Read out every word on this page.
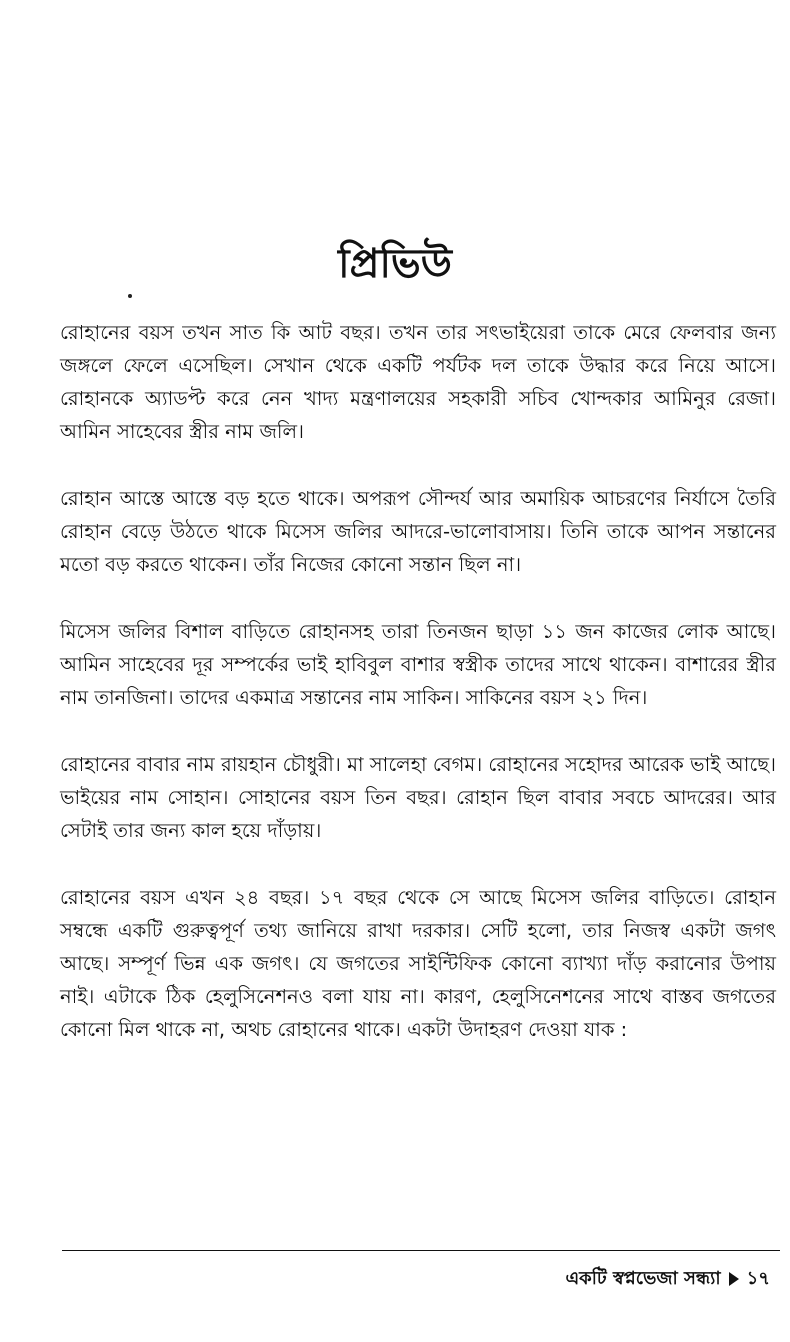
প্রিভিউ

রোহানের বয়স তখন সাত কি আট বছর। তখন তার সৎভাইয়েরা তাকে মেরে ফেলবার জন্য জঙ্গলে ফেলে এসেছিল। সেখান থেকে একটি পর্যটক দল তাকে উদ্ধার করে নিয়ে আসে। রোহানকে অ্যাডপ্ট করে নেন খাদ্য মন্ত্রণালয়ের সহকারী সচিব খোন্দকার আমিনুর রেজা। আমিন সাহেবের স্ত্রীর নাম জলি।

রোহান আস্তে আস্তে বড় হতে থাকে। অপরূপ সৌন্দর্য আর অমায়িক আচরণের নির্যাসে তৈরি রোহান বেড়ে উঠতে থাকে মিসেস জলির আদরে-ভালোবাসায়। তিনি তাকে আপন সন্তানের মতো বড় করতে থাকেন। তাঁর নিজের কোনো সন্তান ছিল না।

মিসেস জলির বিশাল বাড়িতে রোহানসহ তারা তিনজন ছাড়া ১১ জন কাজের লোক আছে। আমিন সাহেবের দূর সম্পর্কের ভাই হাবিবুল বাশার স্বস্ত্রীক তাদের সাথে থাকেন। বাশারের স্ত্রীর নাম তানজিনা। তাদের একমাত্র সন্তানের নাম সাকিন। সাকিনের বয়স ২১ দিন।

রোহানের বাবার নাম রায়হান চৌধুরী। মা সালেহা বেগম। রোহানের সহোদর আরেক ভাই আছে। ভাইয়ের নাম সোহান। সোহানের বয়স তিন বছর। রোহান ছিল বাবার সবচে আদরের। আর সেটাই তার জন্য কাল হয়ে দাঁড়ায়।

রোহানের বয়স এখন ২৪ বছর। ১৭ বছর থেকে সে আছে মিসেস জলির বাড়িতে। রোহান সম্বন্ধে একটি গুরুত্বপূর্ণ তথ্য জানিয়ে রাখা দরকার। সেটি হলো, তার নিজস্ব একটা জগৎ আছে। সম্পূর্ণ ভিন্ন এক জগৎ। যে জগতের সাইন্টিফিক কোনো ব্যাখ্যা দাঁড় করানোর উপায় নাই। এটাকে ঠিক হেলুসিনেশনও বলা যায় না। কারণ, হেলুসিনেশনের সাথে বাস্তব জগতের কোনো মিল থাকে না, অথচ রোহানের থাকে। একটা উদাহরণ দেওয়া যাক :

একটি স্বপ্নভেজা সন্ধ্যা ১৭
